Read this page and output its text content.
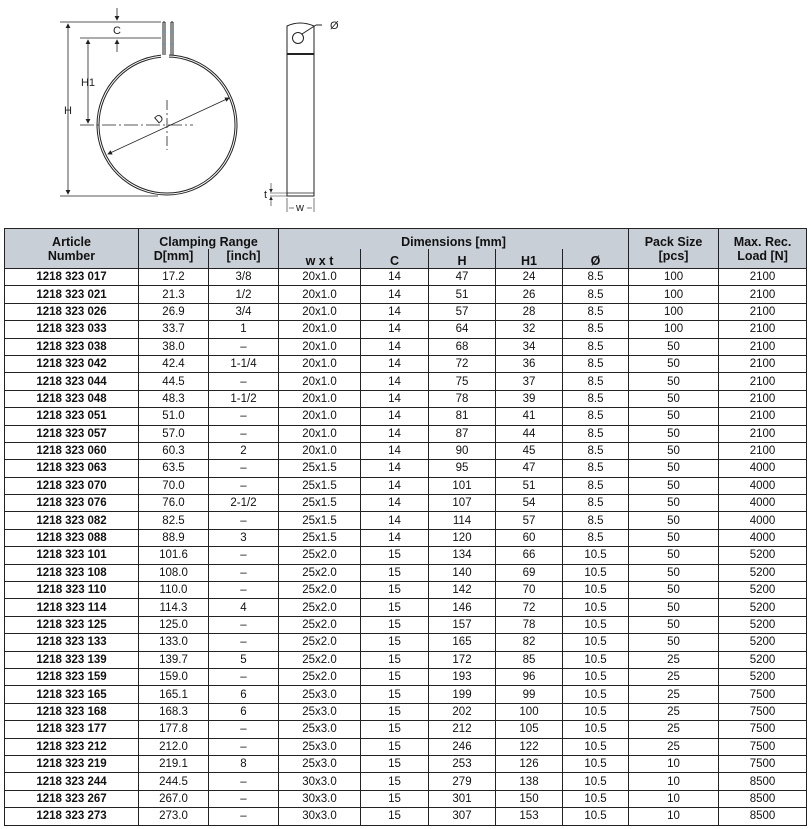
C
H1
H
D
Ø
t
w
Article	Clamping Range		Dimensions [mm]					Pack Size	Max. Rec.
Number	D[mm]	[inch]	w x t	C	H	H1	Ø	[pcs]	Load [N]
1218 323 017	17.2	3/8	20x1.0	14	47	24	8.5	100	2100
1218 323 021	21.3	1/2	20x1.0	14	51	26	8.5	100	2100
1218 323 026	26.9	3/4	20x1.0	14	57	28	8.5	100	2100
1218 323 033	33.7	1	20x1.0	14	64	32	8.5	100	2100
1218 323 038	38.0	–	20x1.0	14	68	34	8.5	50	2100
1218 323 042	42.4	1-1/4	20x1.0	14	72	36	8.5	50	2100
1218 323 044	44.5	–	20x1.0	14	75	37	8.5	50	2100
1218 323 048	48.3	1-1/2	20x1.0	14	78	39	8.5	50	2100
1218 323 051	51.0	–	20x1.0	14	81	41	8.5	50	2100
1218 323 057	57.0	–	20x1.0	14	87	44	8.5	50	2100
1218 323 060	60.3	2	20x1.0	14	90	45	8.5	50	2100
1218 323 063	63.5	–	25x1.5	14	95	47	8.5	50	4000
1218 323 070	70.0	–	25x1.5	14	101	51	8.5	50	4000
1218 323 076	76.0	2-1/2	25x1.5	14	107	54	8.5	50	4000
1218 323 082	82.5	–	25x1.5	14	114	57	8.5	50	4000
1218 323 088	88.9	3	25x1.5	14	120	60	8.5	50	4000
1218 323 101	101.6	–	25x2.0	15	134	66	10.5	50	5200
1218 323 108	108.0	–	25x2.0	15	140	69	10.5	50	5200
1218 323 110	110.0	–	25x2.0	15	142	70	10.5	50	5200
1218 323 114	114.3	4	25x2.0	15	146	72	10.5	50	5200
1218 323 125	125.0	–	25x2.0	15	157	78	10.5	50	5200
1218 323 133	133.0	–	25x2.0	15	165	82	10.5	50	5200
1218 323 139	139.7	5	25x2.0	15	172	85	10.5	25	5200
1218 323 159	159.0	–	25x2.0	15	193	96	10.5	25	5200
1218 323 165	165.1	6	25x3.0	15	199	99	10.5	25	7500
1218 323 168	168.3	6	25x3.0	15	202	100	10.5	25	7500
1218 323 177	177.8	–	25x3.0	15	212	105	10.5	25	7500
1218 323 212	212.0	–	25x3.0	15	246	122	10.5	25	7500
1218 323 219	219.1	8	25x3.0	15	253	126	10.5	10	7500
1218 323 244	244.5	–	30x3.0	15	279	138	10.5	10	8500
1218 323 267	267.0	–	30x3.0	15	301	150	10.5	10	8500
1218 323 273	273.0	–	30x3.0	15	307	153	10.5	10	8500
